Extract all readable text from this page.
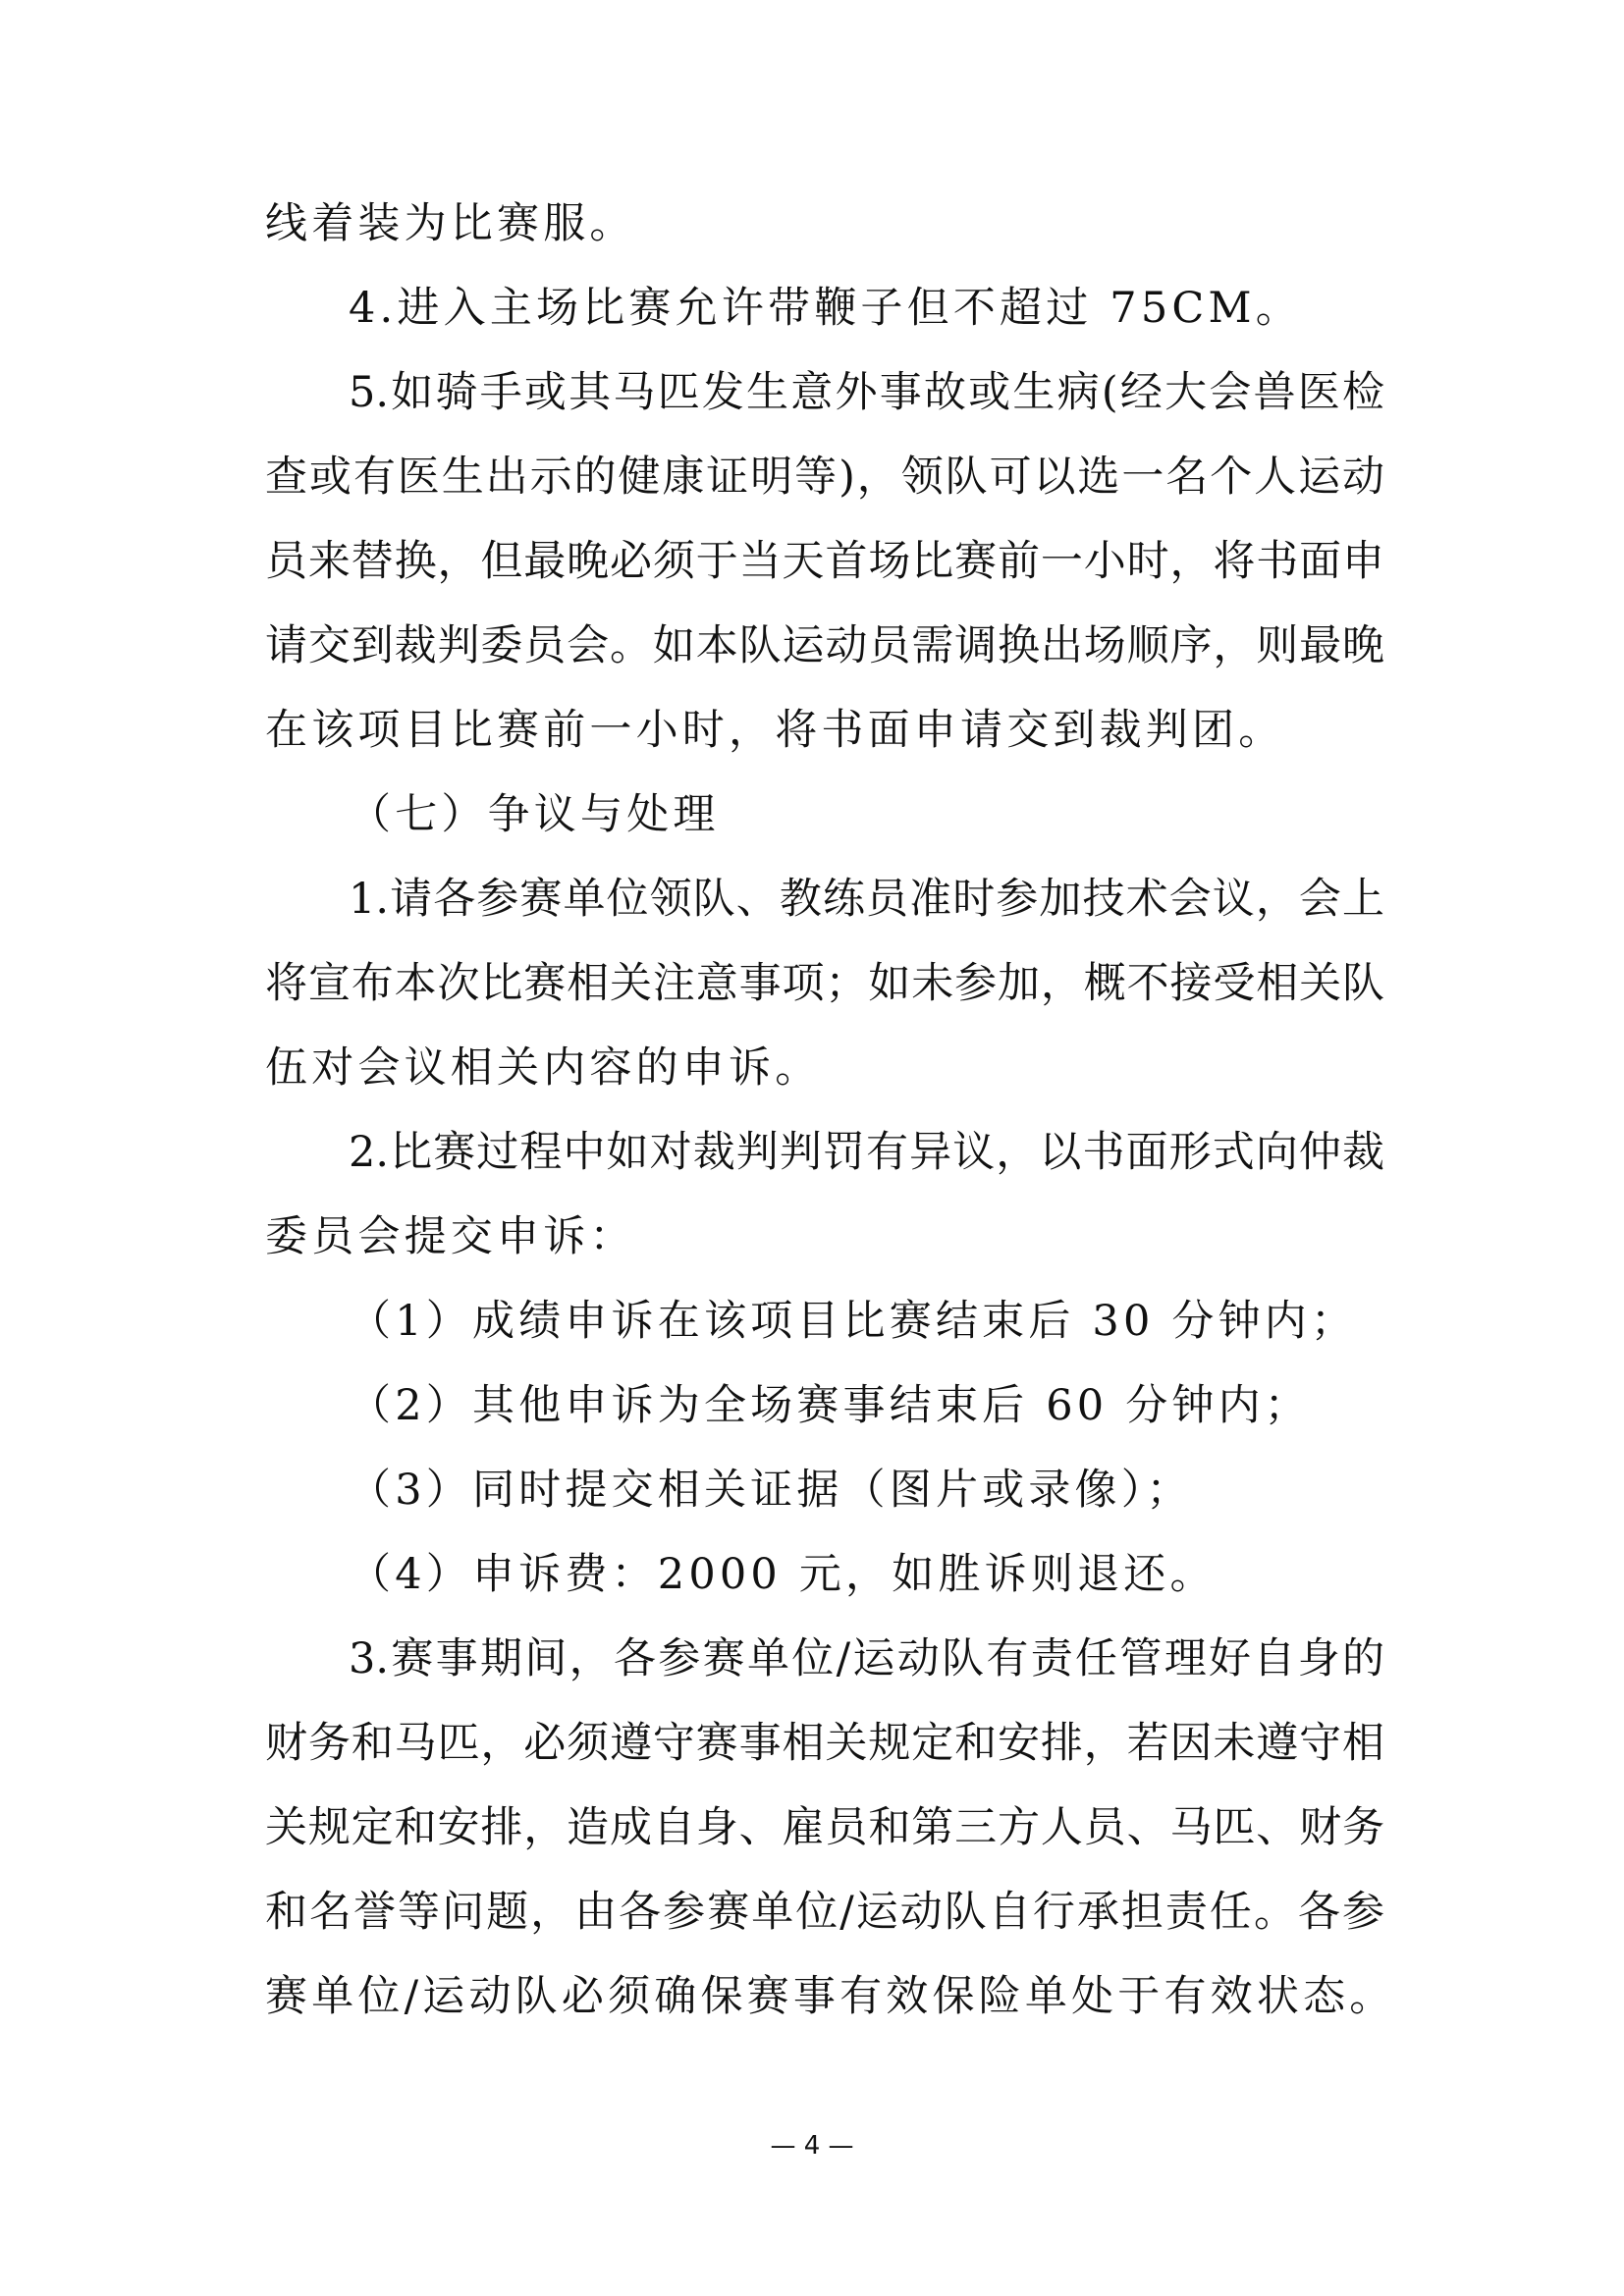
线着装为比赛服。
4.进入主场比赛允许带鞭子但不超过 75CM。
5.如骑手或其马匹发生意外事故或生病(经大会兽医检
查或有医生出示的健康证明等)，领队可以选一名个人运动
员来替换，但最晚必须于当天首场比赛前一小时，将书面申
请交到裁判委员会。如本队运动员需调换出场顺序，则最晚
在该项目比赛前一小时，将书面申请交到裁判团。
（七）争议与处理
1.请各参赛单位领队、教练员准时参加技术会议，会上
将宣布本次比赛相关注意事项；如未参加，概不接受相关队
伍对会议相关内容的申诉。
2.比赛过程中如对裁判判罚有异议，以书面形式向仲裁
委员会提交申诉：
（1）成绩申诉在该项目比赛结束后 30 分钟内；
（2）其他申诉为全场赛事结束后 60 分钟内；
（3）同时提交相关证据（图片或录像）；
（4）申诉费：2000 元，如胜诉则退还。
3.赛事期间，各参赛单位/运动队有责任管理好自身的
财务和马匹，必须遵守赛事相关规定和安排，若因未遵守相
关规定和安排，造成自身、雇员和第三方人员、马匹、财务
和名誉等问题，由各参赛单位/运动队自行承担责任。各参
赛单位/运动队必须确保赛事有效保险单处于有效状态。
— 4 —
